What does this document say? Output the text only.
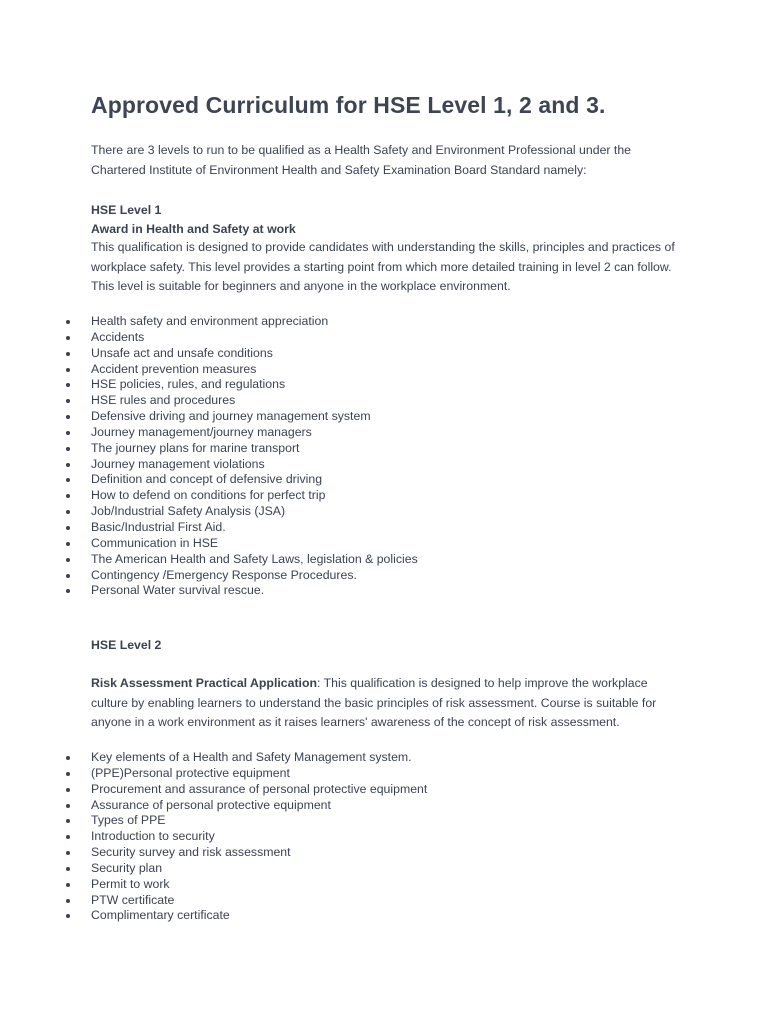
Approved Curriculum for HSE Level 1, 2 and 3.

There are 3 levels to run to be qualified as a Health Safety and Environment Professional under the Chartered Institute of Environment Health and Safety Examination Board Standard namely:

HSE Level 1
Award in Health and Safety at work

This qualification is designed to provide candidates with understanding the skills, principles and practices of workplace safety. This level provides a starting point from which more detailed training in level 2 can follow. This level is suitable for beginners and anyone in the workplace environment.

Health safety and environment appreciation
Accidents
Unsafe act and unsafe conditions
Accident prevention measures
HSE policies, rules, and regulations
HSE rules and procedures
Defensive driving and journey management system
Journey management/journey managers
The journey plans for marine transport
Journey management violations
Definition and concept of defensive driving
How to defend on conditions for perfect trip
Job/Industrial Safety Analysis (JSA)
Basic/Industrial First Aid.
Communication in HSE
The American Health and Safety Laws, legislation & policies
Contingency /Emergency Response Procedures.
Personal Water survival rescue.
HSE Level 2

Risk Assessment Practical Application: This qualification is designed to help improve the workplace culture by enabling learners to understand the basic principles of risk assessment. Course is suitable for anyone in a work environment as it raises learners' awareness of the concept of risk assessment.

Key elements of a Health and Safety Management system.
(PPE)Personal protective equipment
Procurement and assurance of personal protective equipment
Assurance of personal protective equipment
Types of PPE
Introduction to security
Security survey and risk assessment
Security plan
Permit to work
PTW certificate
Complimentary certificate
